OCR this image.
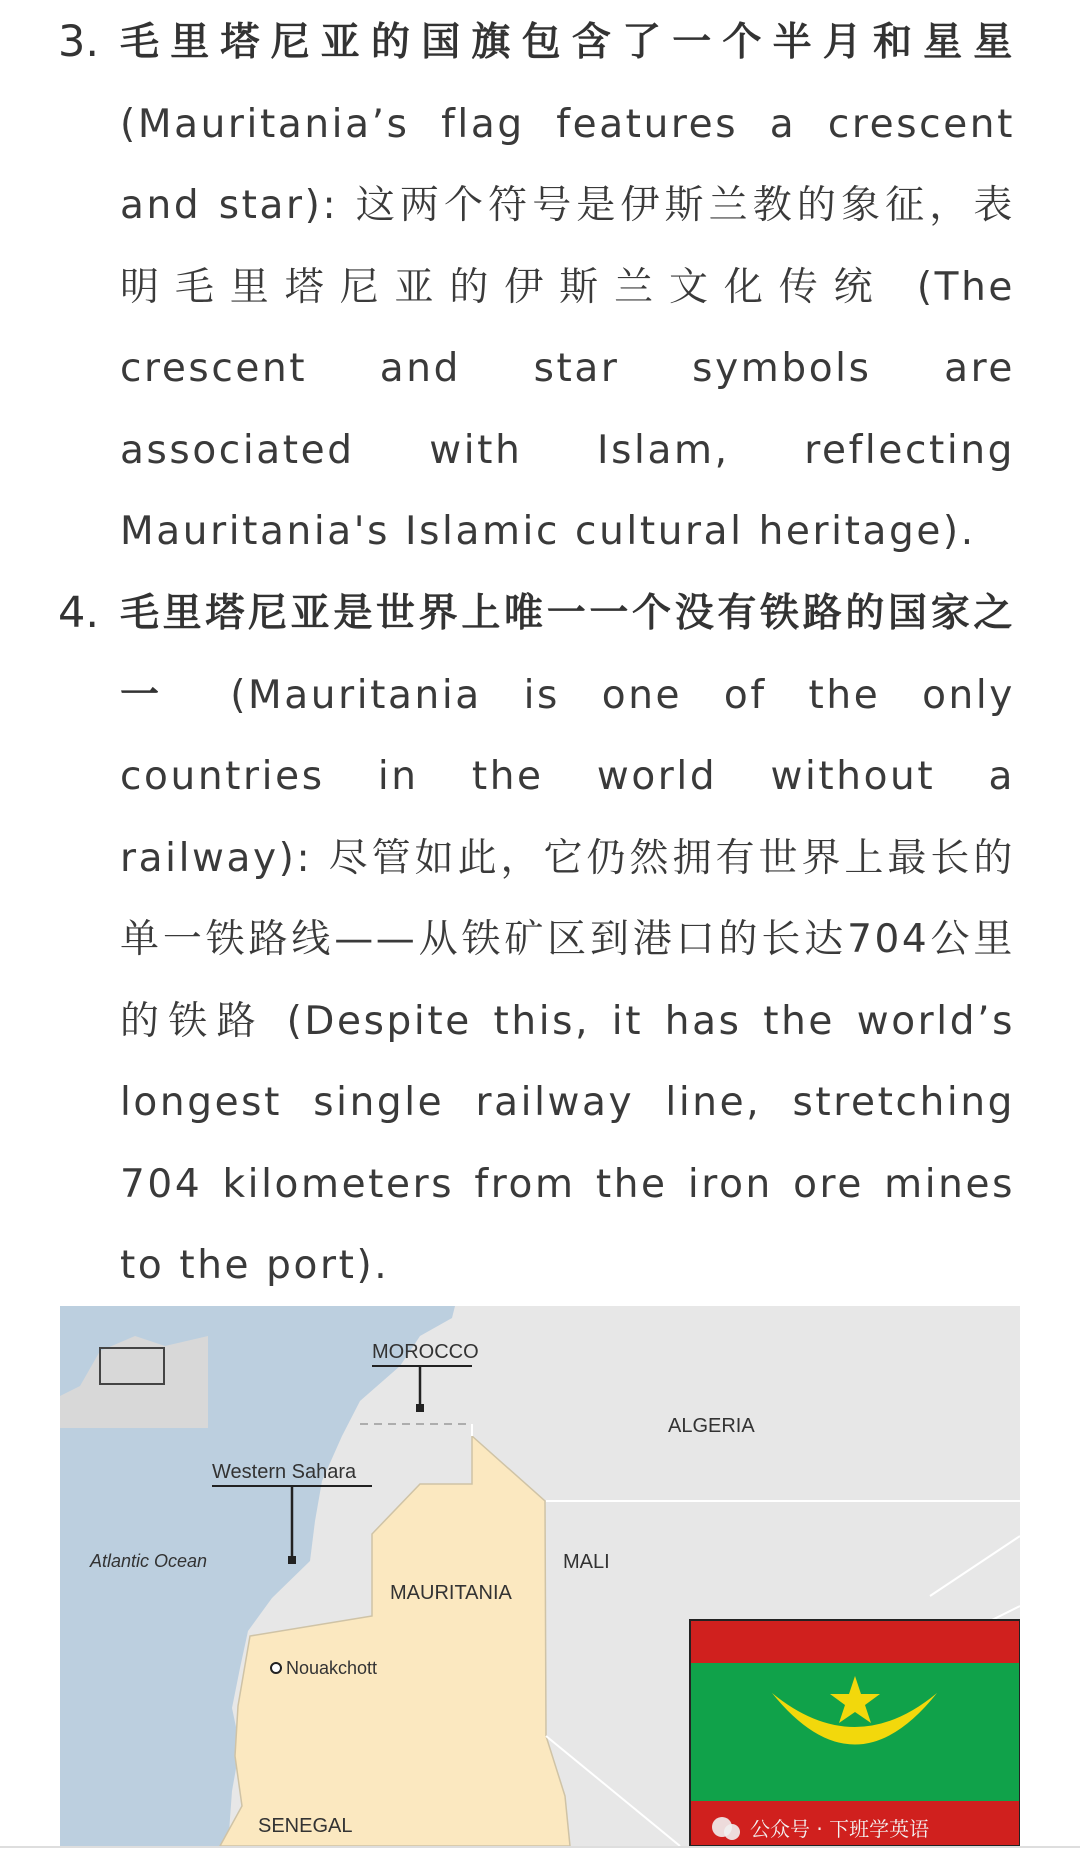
3. 毛里塔尼亚的国旗包含了一个半月和星星 (Mauritania’s flag features a crescent and star): 这两个符号是伊斯兰教的象征，表明毛里塔尼亚的伊斯兰文化传统 (The crescent and star symbols are associated with Islam, reflecting Mauritania's Islamic cultural heritage).
4. 毛里塔尼亚是世界上唯一一个没有铁路的国家之一 (Mauritania is one of the only countries in the world without a railway): 尽管如此，它仍然拥有世界上最长的单一铁路线——从铁矿区到港口的长达704公里的铁路 (Despite this, it has the world’s longest single railway line, stretching 704 kilometers from the iron ore mines to the port).
MOROCCO
ALGERIA
Western Sahara
Atlantic Ocean	MALI
MAURITANIA
Nouakchott
SENEGAL	公众号 · 下班学英语
